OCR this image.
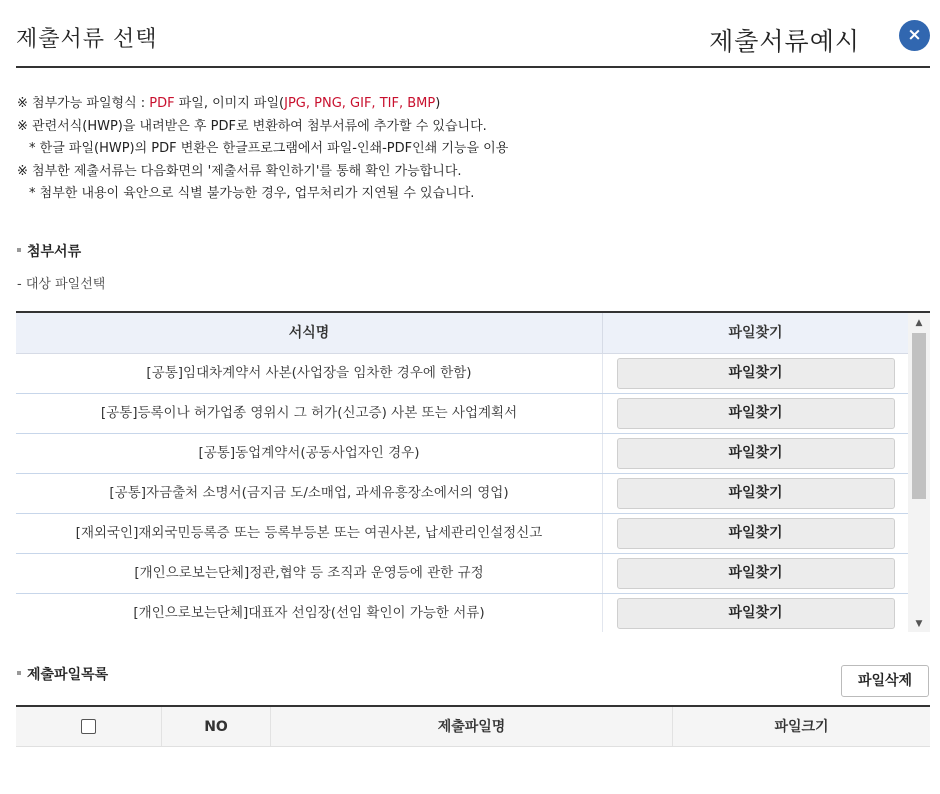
제출서류 선택	제출서류예시	×
※ 첨부가능 파일형식 : PDF 파일, 이미지 파일(JPG, PNG, GIF, TIF, BMP)
※ 관련서식(HWP)을 내려받은 후 PDF로 변환하여 첨부서류에 추가할 수 있습니다.
* 한글 파일(HWP)의 PDF 변환은 한글프로그램에서 파일-인쇄-PDF인쇄 기능을 이용
※ 첨부한 제출서류는 다음화면의 '제출서류 확인하기'를 통해 확인 가능합니다.
* 첨부한 내용이 육안으로 식별 불가능한 경우, 업무처리가 지연될 수 있습니다.
첨부서류
- 대상 파일선택
서식명	파일찾기
[공통]임대차계약서 사본(사업장을 임차한 경우에 한함)	파일찾기
[공통]등록이나 허가업종 영위시 그 허가(신고증) 사본 또는 사업계획서	파일찾기
[공통]동업계약서(공동사업자인 경우)	파일찾기
[공통]자금출처 소명서(금지금 도/소매업, 과세유흥장소에서의 영업)	파일찾기
[재외국인]재외국민등록증 또는 등록부등본 또는 여권사본, 납세관리인설정신고	파일찾기
[개인으로보는단체]정관,협약 등 조직과 운영등에 관한 규정	파일찾기
[개인으로보는단체]대표자 선임장(선임 확인이 가능한 서류)	파일찾기
▲
▼
제출파일목록	파일삭제
NO	제출파일명	파일크기
